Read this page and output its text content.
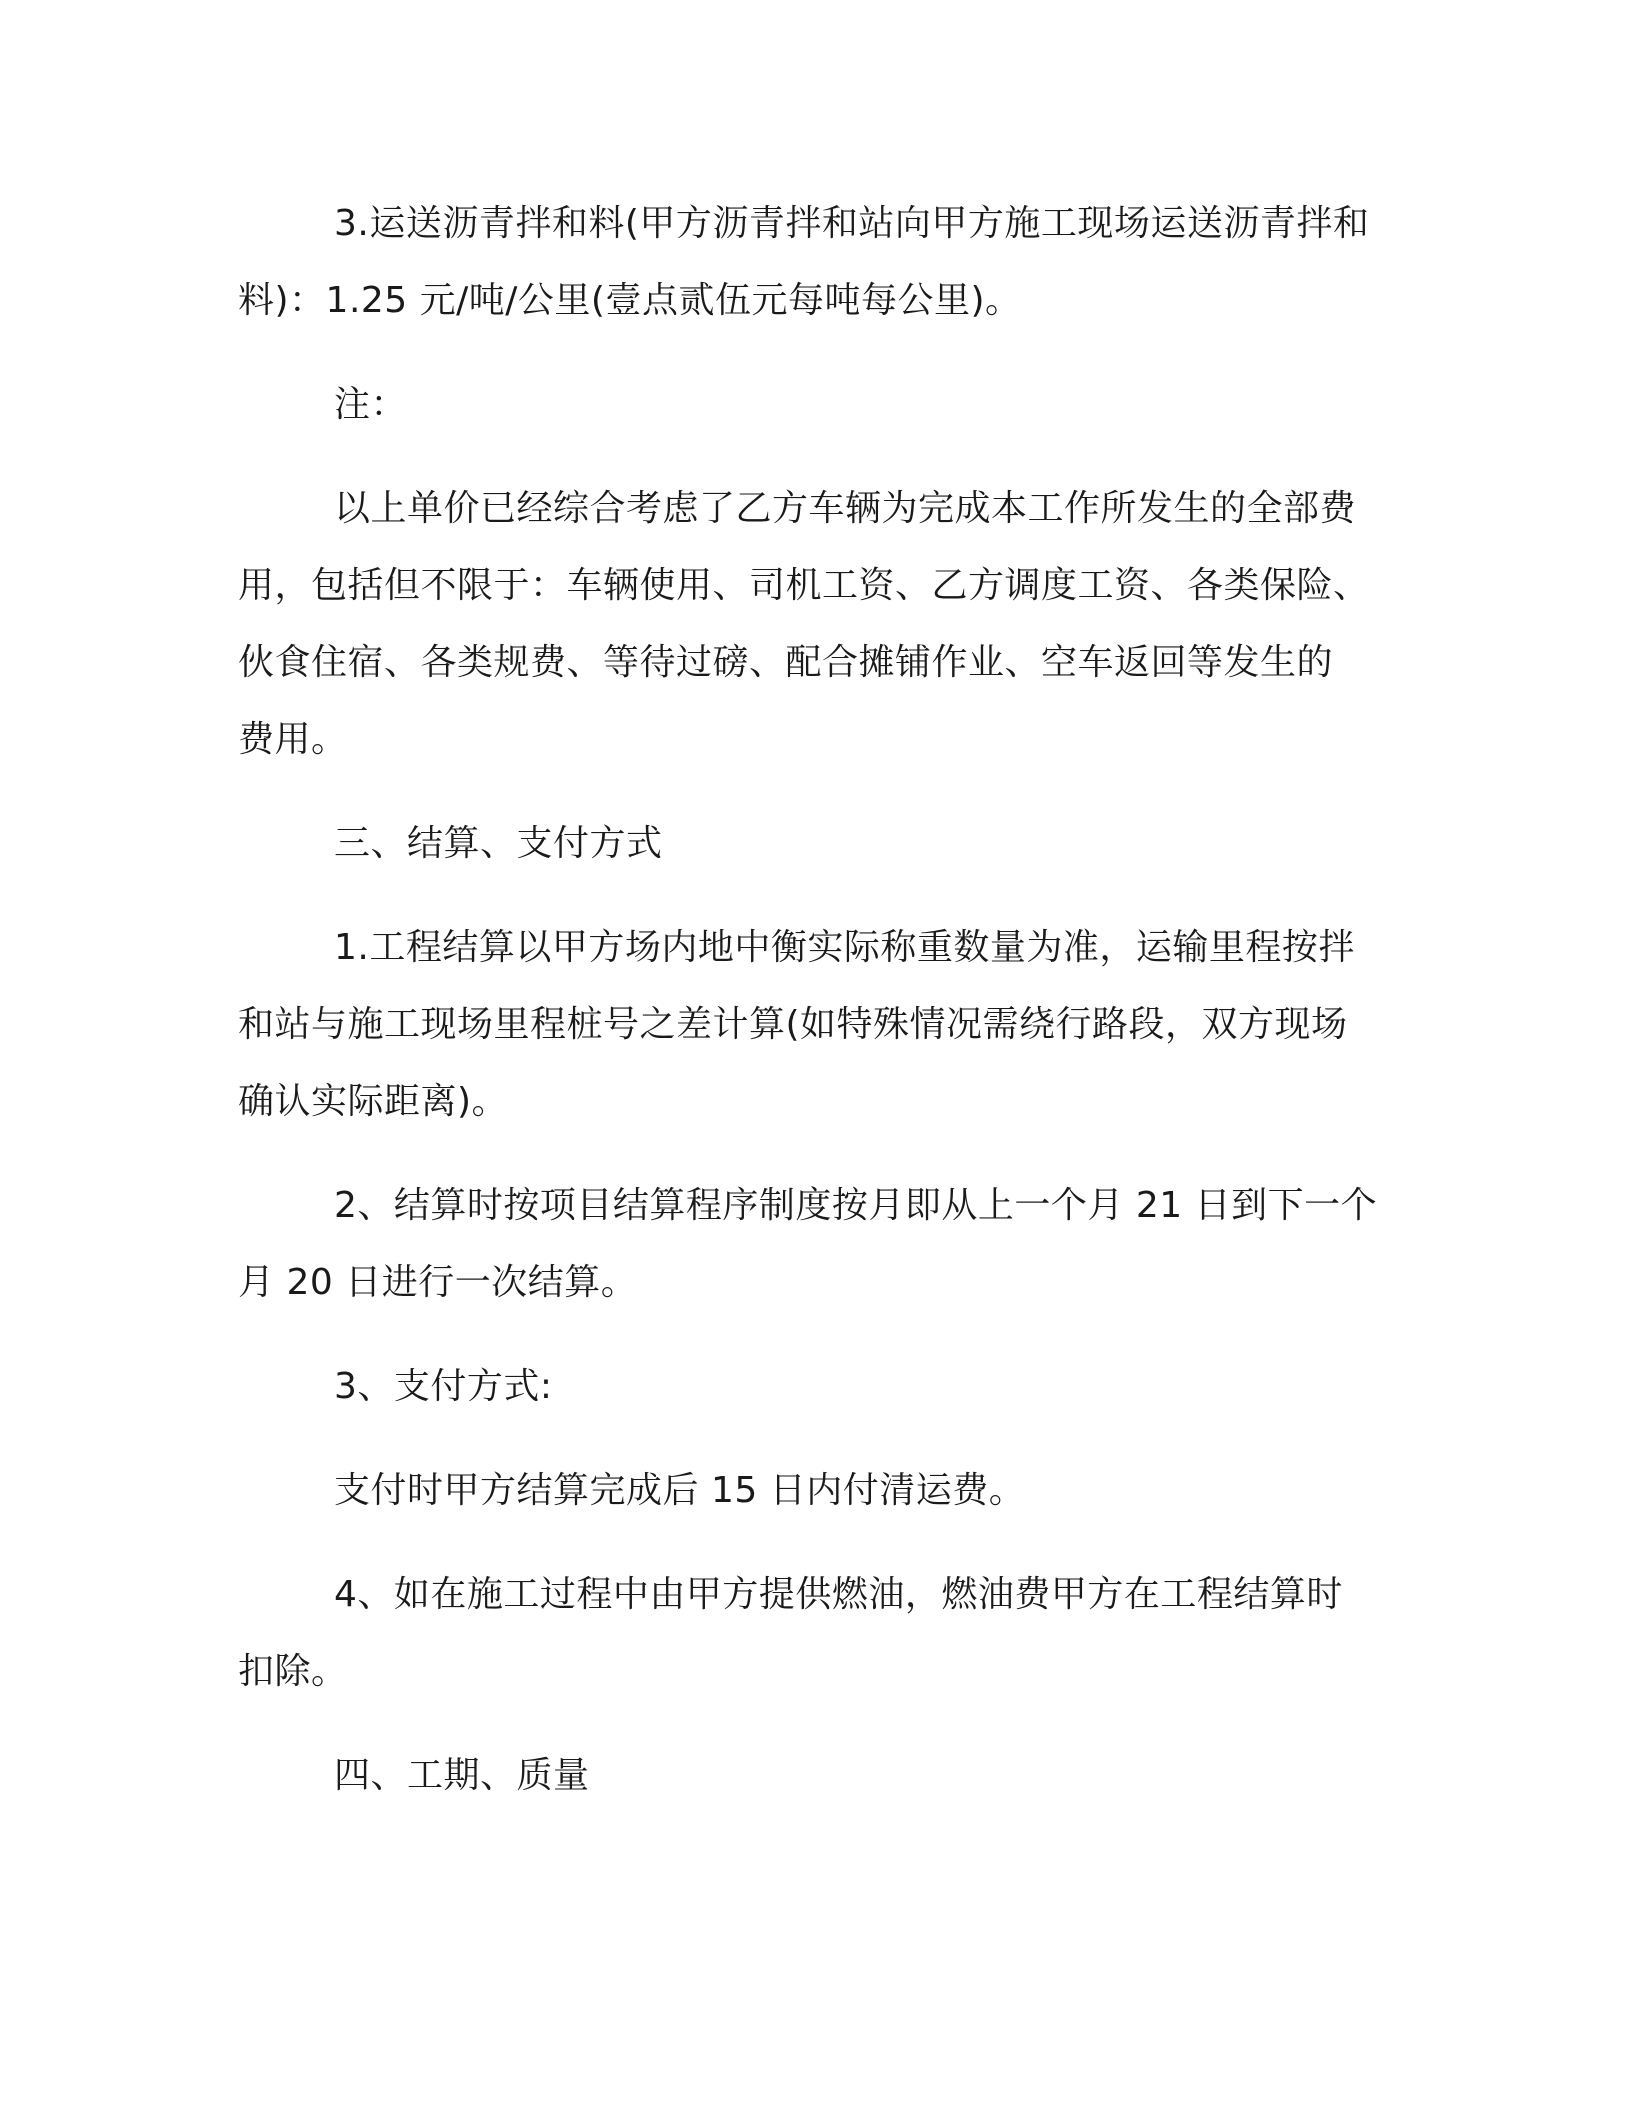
3.运送沥青拌和料(甲方沥青拌和站向甲方施工现场运送沥青拌和
料)：1.25 元/吨/公里(壹点贰伍元每吨每公里)。
注：
以上单价已经综合考虑了乙方车辆为完成本工作所发生的全部费
用，包括但不限于：车辆使用、司机工资、乙方调度工资、各类保险、
伙食住宿、各类规费、等待过磅、配合摊铺作业、空车返回等发生的
费用。
三、结算、支付方式
1.工程结算以甲方场内地中衡实际称重数量为准，运输里程按拌
和站与施工现场里程桩号之差计算(如特殊情况需绕行路段，双方现场
确认实际距离)。
2、结算时按项目结算程序制度按月即从上一个月 21 日到下一个
月 20 日进行一次结算。
3、支付方式:
支付时甲方结算完成后 15 日内付清运费。
4、如在施工过程中由甲方提供燃油，燃油费甲方在工程结算时
扣除。
四、工期、质量
